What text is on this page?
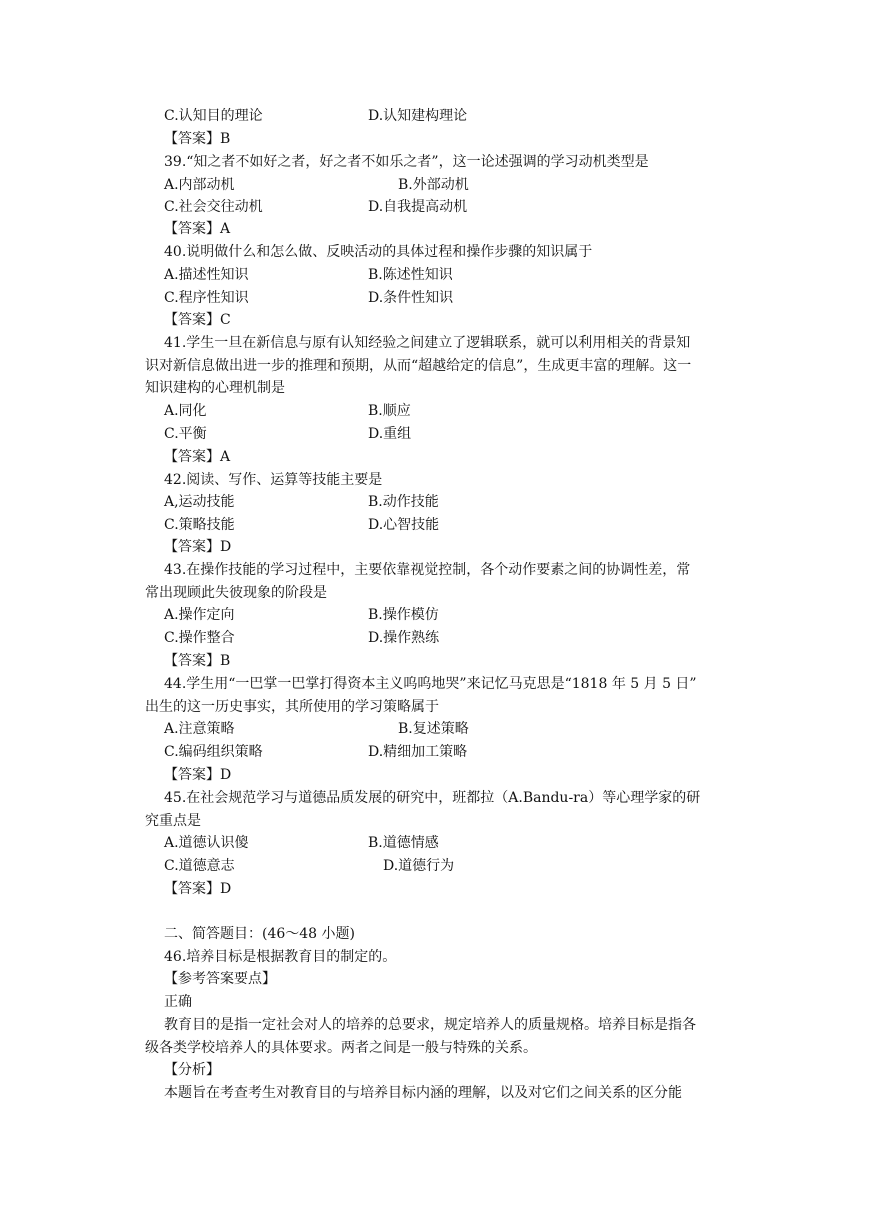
C.认知目的理论	D.认知建构理论
【答案】B
39.“知之者不如好之者，好之者不如乐之者”，这一论述强调的学习动机类型是
A.内部动机	B.外部动机
C.社会交往动机	D.自我提高动机
【答案】A
40.说明做什么和怎么做、反映活动的具体过程和操作步骤的知识属于
A.描述性知识	B.陈述性知识
C.程序性知识	D.条件性知识
【答案】C
41.学生一旦在新信息与原有认知经验之间建立了逻辑联系，就可以利用相关的背景知
识对新信息做出进一步的推理和预期，从而“超越给定的信息”，生成更丰富的理解。这一
知识建构的心理机制是
A.同化	B.顺应
C.平衡	D.重组
【答案】A
42.阅读、写作、运算等技能主要是
A,运动技能	B.动作技能
C.策略技能	D.心智技能
【答案】D
43.在操作技能的学习过程中，主要依靠视觉控制，各个动作要素之间的协调性差，常
常出现顾此失彼现象的阶段是
A.操作定向	B.操作模仿
C.操作整合	D.操作熟练
【答案】B
44.学生用“一巴掌一巴掌打得资本主义呜呜地哭”来记忆马克思是“1818 年 5 月 5 日”
出生的这一历史事实，其所使用的学习策略属于
A.注意策略	B.复述策略
C.编码组织策略	D.精细加工策略
【答案】D
45.在社会规范学习与道德品质发展的研究中，班都拉（A.Bandu-ra）等心理学家的研
究重点是
A.道德认识傻	B.道德情感
C.道德意志	D.道德行为
【答案】D
二、简答题目：(46～48 小题)
46.培养目标是根据教育目的制定的。
【参考答案要点】
正确
教育目的是指一定社会对人的培养的总要求，规定培养人的质量规格。培养目标是指各
级各类学校培养人的具体要求。两者之间是一般与特殊的关系。
【分析】
本题旨在考查考生对教育目的与培养目标内涵的理解，以及对它们之间关系的区分能
